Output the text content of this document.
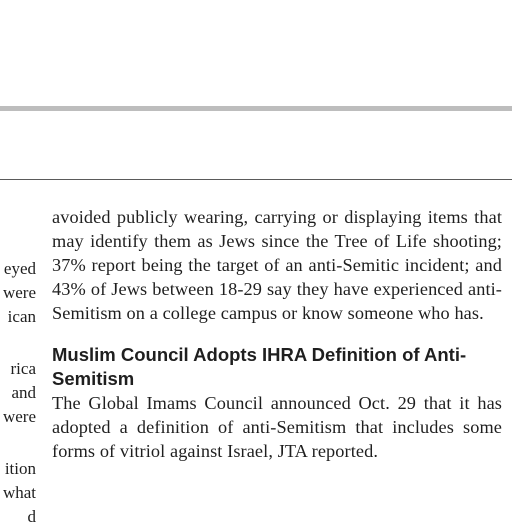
eyed
were
ican
rica
and
were
ition
what
d

avoided publicly wearing, carrying or displaying items that may identify them as Jews since the Tree of Life shooting; 37% report being the target of an anti-Semitic incident; and 43% of Jews between 18-29 say they have experienced anti-Semitism on a college campus or know someone who has.

Muslim Council Adopts IHRA Definition of Anti-Semitism

The Global Imams Council announced Oct. 29 that it has adopted a definition of anti-Semitism that includes some forms of vitriol against Israel, JTA reported.
